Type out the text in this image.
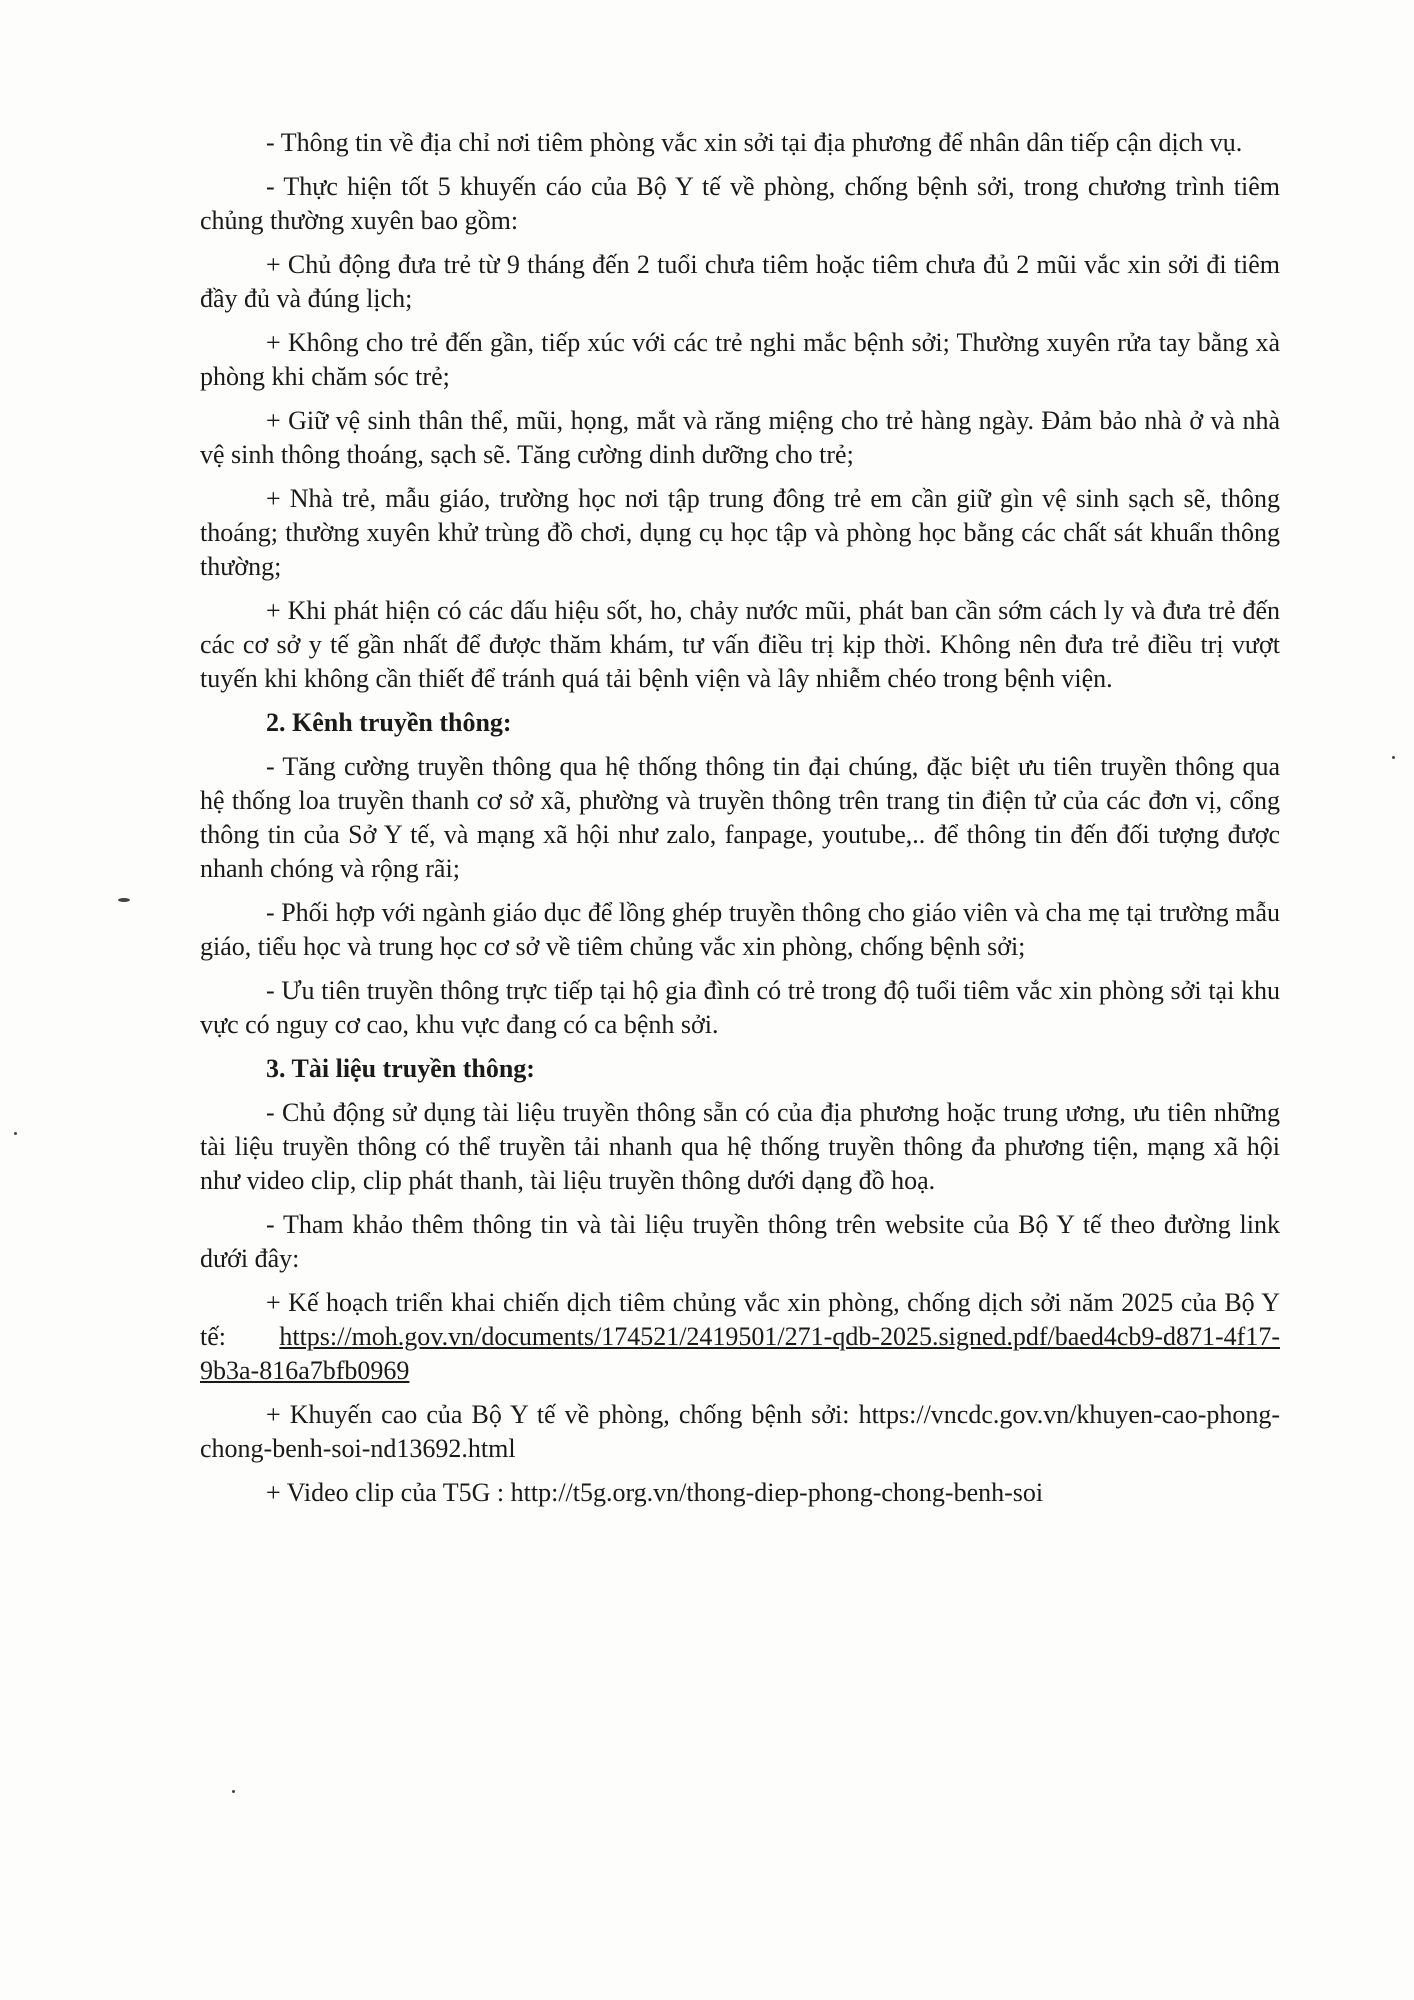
- Thông tin về địa chỉ nơi tiêm phòng vắc xin sởi tại địa phương để nhân dân tiếp cận dịch vụ.

- Thực hiện tốt 5 khuyến cáo của Bộ Y tế về phòng, chống bệnh sởi, trong chương trình tiêm chủng thường xuyên bao gồm:

+ Chủ động đưa trẻ từ 9 tháng đến 2 tuổi chưa tiêm hoặc tiêm chưa đủ 2 mũi vắc xin sởi đi tiêm đầy đủ và đúng lịch;

+ Không cho trẻ đến gần, tiếp xúc với các trẻ nghi mắc bệnh sởi; Thường xuyên rửa tay bằng xà phòng khi chăm sóc trẻ;

+ Giữ vệ sinh thân thể, mũi, họng, mắt và răng miệng cho trẻ hàng ngày. Đảm bảo nhà ở và nhà vệ sinh thông thoáng, sạch sẽ. Tăng cường dinh dưỡng cho trẻ;

+ Nhà trẻ, mẫu giáo, trường học nơi tập trung đông trẻ em cần giữ gìn vệ sinh sạch sẽ, thông thoáng; thường xuyên khử trùng đồ chơi, dụng cụ học tập và phòng học bằng các chất sát khuẩn thông thường;

+ Khi phát hiện có các dấu hiệu sốt, ho, chảy nước mũi, phát ban cần sớm cách ly và đưa trẻ đến các cơ sở y tế gần nhất để được thăm khám, tư vấn điều trị kịp thời. Không nên đưa trẻ điều trị vượt tuyến khi không cần thiết để tránh quá tải bệnh viện và lây nhiễm chéo trong bệnh viện.

2. Kênh truyền thông:

- Tăng cường truyền thông qua hệ thống thông tin đại chúng, đặc biệt ưu tiên truyền thông qua hệ thống loa truyền thanh cơ sở xã, phường và truyền thông trên trang tin điện tử của các đơn vị, cổng thông tin của Sở Y tế, và mạng xã hội như zalo, fanpage, youtube,.. để thông tin đến đối tượng được nhanh chóng và rộng rãi;

- Phối hợp với ngành giáo dục để lồng ghép truyền thông cho giáo viên và cha mẹ tại trường mẫu giáo, tiểu học và trung học cơ sở về tiêm chủng vắc xin phòng, chống bệnh sởi;

- Ưu tiên truyền thông trực tiếp tại hộ gia đình có trẻ trong độ tuổi tiêm vắc xin phòng sởi tại khu vực có nguy cơ cao, khu vực đang có ca bệnh sởi.

3. Tài liệu truyền thông:

- Chủ động sử dụng tài liệu truyền thông sẵn có của địa phương hoặc trung ương, ưu tiên những tài liệu truyền thông có thể truyền tải nhanh qua hệ thống truyền thông đa phương tiện, mạng xã hội như video clip, clip phát thanh, tài liệu truyền thông dưới dạng đồ hoạ.

- Tham khảo thêm thông tin và tài liệu truyền thông trên website của Bộ Y tế theo đường link dưới đây:

+ Kế hoạch triển khai chiến dịch tiêm chủng vắc xin phòng, chống dịch sởi năm 2025 của Bộ Y tế: https://moh.gov.vn/documents/174521/2419501/271-qdb-2025.signed.pdf/baed4cb9-d871-4f17-9b3a-816a7bfb0969

+ Khuyến cao của Bộ Y tế về phòng, chống bệnh sởi: https://vncdc.gov.vn/khuyen-cao-phong-chong-benh-soi-nd13692.html

+ Video clip của T5G : http://t5g.org.vn/thong-diep-phong-chong-benh-soi
